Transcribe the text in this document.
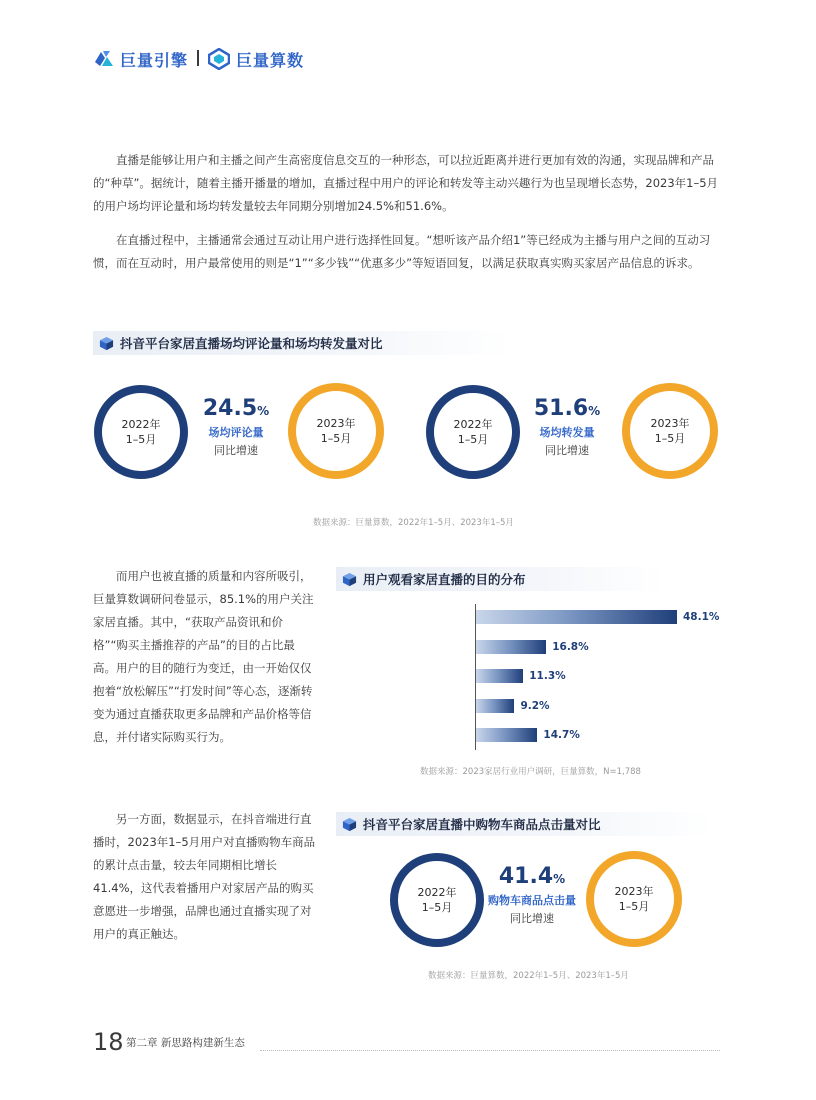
巨量引擎	巨量算数
直播是能够让用户和主播之间产生高密度信息交互的一种形态，可以拉近距离并进行更加有效的沟通，实现品牌和产品的“种草”。据统计，随着主播开播量的增加，直播过程中用户的评论和转发等主动兴趣行为也呈现增长态势，2023年1–5月的用户场均评论量和场均转发量较去年同期分别增加24.5%和51.6%。
在直播过程中，主播通常会通过互动让用户进行选择性回复。“想听该产品介绍1”等已经成为主播与用户之间的互动习惯，而在互动时，用户最常使用的则是“1”“多少钱”“优惠多少”等短语回复，以满足获取真实购买家居产品信息的诉求。
抖音平台家居直播场均评论量和场均转发量对比
2022年
1–5月
24.5%
场均评论量
同比增速
2023年
1–5月
2022年
1–5月
51.6%
场均转发量
同比增速
2023年
1–5月
数据来源：巨量算数，2022年1–5月、2023年1–5月
而用户也被直播的质量和内容所吸引，巨量算数调研问卷显示，85.1%的用户关注家居直播。其中，“获取产品资讯和价格”“购买主播推荐的产品”的目的占比最高。用户的目的随行为变迁，由一开始仅仅抱着“放松解压”“打发时间”等心态，逐渐转变为通过直播获取更多品牌和产品价格等信息，并付诸实际购买行为。
用户观看家居直播的目的分布
48.1%
16.8%
11.3%
9.2%
14.7%
数据来源：2023家居行业用户调研，巨量算数，N=1,788
另一方面，数据显示，在抖音端进行直播时，2023年1–5月用户对直播购物车商品的累计点击量，较去年同期相比增长41.4%，这代表着播用户对家居产品的购买意愿进一步增强，品牌也通过直播实现了对用户的真正触达。
抖音平台家居直播中购物车商品点击量对比
2022年
1–5月
41.4%
购物车商品点击量
同比增速
2023年
1–5月
数据来源：巨量算数，2022年1–5月、2023年1–5月
18 第二章 新思路构建新生态
